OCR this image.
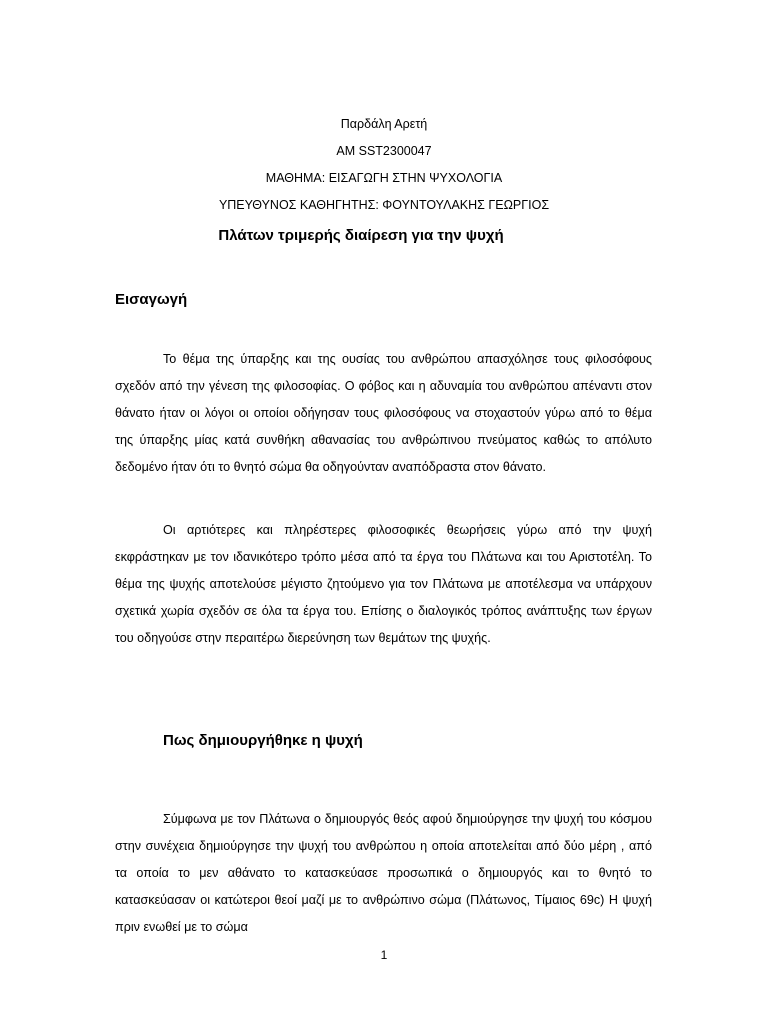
Παρδάλη Αρετή
AM SST2300047
ΜΑΘΗΜΑ: ΕΙΣΑΓΩΓΗ ΣΤΗΝ ΨΥΧΟΛΟΓΙΑ
ΥΠΕΥΘΥΝΟΣ ΚΑΘΗΓΗΤΗΣ: ΦΟΥΝΤΟΥΛΑΚΗΣ ΓΕΩΡΓΙΟΣ
Πλάτων τριμερής διαίρεση για την ψυχή
Εισαγωγή

Το θέμα της ύπαρξης και της ουσίας του ανθρώπου απασχόλησε τους φιλοσόφους σχεδόν από την γένεση της φιλοσοφίας. Ο φόβος και η αδυναμία του ανθρώπου απέναντι στον θάνατο ήταν οι λόγοι οι οποίοι οδήγησαν τους φιλοσόφους να στοχαστούν γύρω από το θέμα της ύπαρξης μίας κατά συνθήκη αθανασίας του ανθρώπινου πνεύματος καθώς το απόλυτο δεδομένο ήταν ότι το θνητό σώμα θα οδηγούνταν αναπόδραστα στον θάνατο.

Οι αρτιότερες και πληρέστερες φιλοσοφικές θεωρήσεις γύρω από την ψυχή εκφράστηκαν με τον ιδανικότερο τρόπο μέσα από τα έργα του Πλάτωνα και του Αριστοτέλη. Το θέμα της ψυχής αποτελούσε μέγιστο ζητούμενο για τον Πλάτωνα με αποτέλεσμα να υπάρχουν σχετικά χωρία σχεδόν σε όλα τα έργα του. Επίσης ο διαλογικός τρόπος ανάπτυξης των έργων του οδηγούσε στην περαιτέρω διερεύνηση των θεμάτων της ψυχής.

Πως δημιουργήθηκε η ψυχή

Σύμφωνα με τον Πλάτωνα ο δημιουργός θεός αφού δημιούργησε την ψυχή του κόσμου στην συνέχεια δημιούργησε την ψυχή του ανθρώπου η οποία αποτελείται από δύο μέρη , από τα οποία το μεν αθάνατο το κατασκεύασε προσωπικά ο δημιουργός και το θνητό το κατασκεύασαν οι κατώτεροι θεοί μαζί με το ανθρώπινο σώμα (Πλάτωνος, Τίμαιος 69c) Η ψυχή πριν ενωθεί με το σώμα

1
